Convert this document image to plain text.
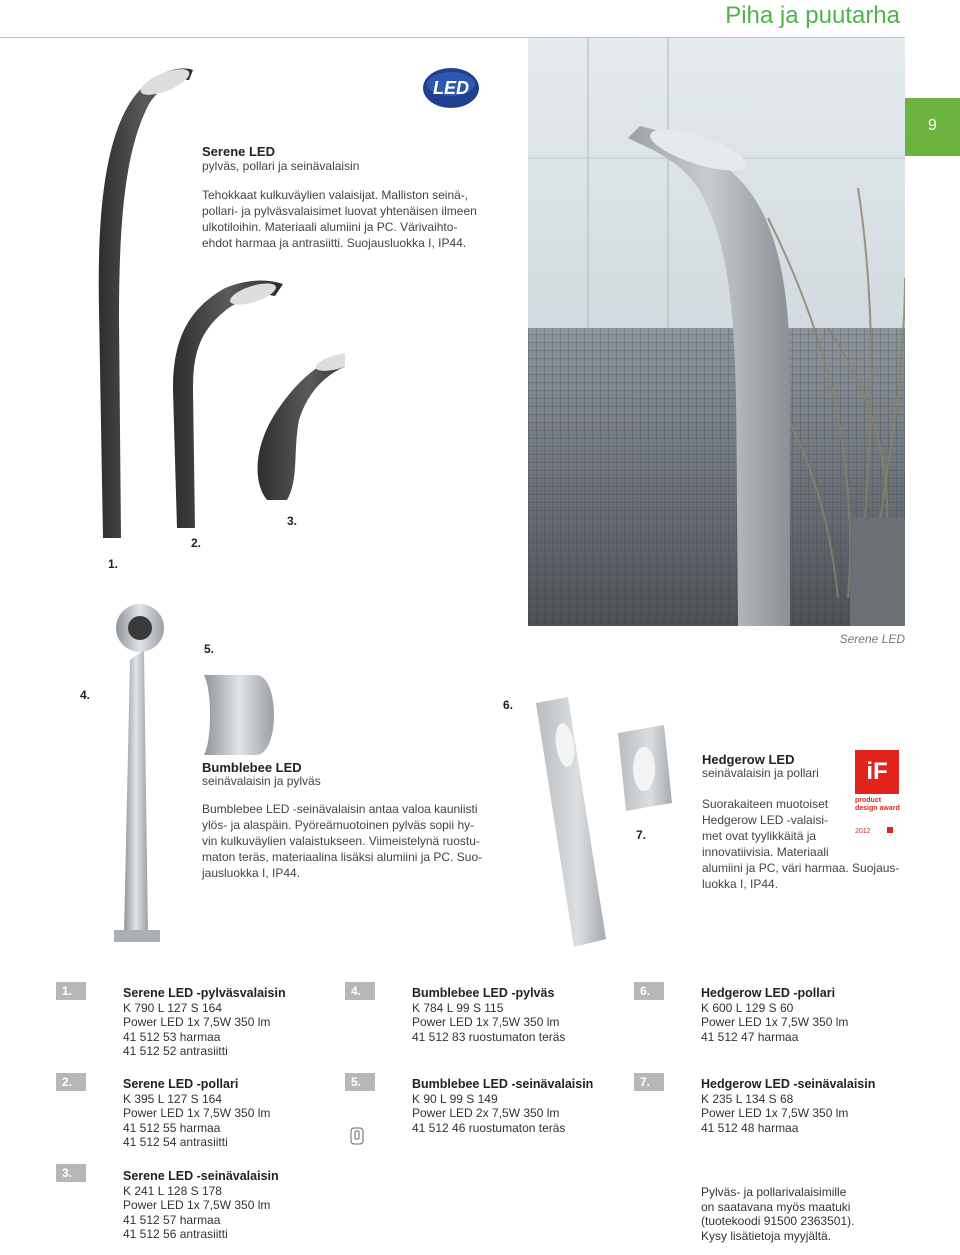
Piha ja puutarha
9
1.
2.
3.
LED
Serene LED
pylväs, pollari ja seinävalaisin
Tehokkaat kulkuväylien valaisijat. Malliston seinä-,
pollari- ja pylväsvalaisimet luovat yhtenäisen ilmeen
ulkotiloihin. Materiaali alumiini ja PC. Värivaihto-
ehdot harmaa ja antrasiitti. Suojausluokka I, IP44.
Serene LED
4.
5.
6.
7.
Bumblebee LED
seinävalaisin ja pylväs
Bumblebee LED -seinävalaisin antaa valoa kauniisti
ylös- ja alaspäin. Pyöreämuotoinen pylväs sopii hy-
vin kulkuväylien valaistukseen. Viimeistelynä ruostu-
maton teräs, materiaalina lisäksi alumiini ja PC. Suo-
jausluokka I, IP44.
Hedgerow LED
seinävalaisin ja pollari
Suorakaiteen muotoiset
Hedgerow LED -valaisi-
met ovat tyylikkäitä ja
innovatiivisia. Materiaali
alumiini ja PC, väri harmaa. Suojaus-
luokka I, IP44.
iF
product
design award
2012
1.	Serene LED -pylväsvalaisin
K 790 L 127 S 164
Power LED 1x 7,5W 350 lm
41 512 53 harmaa
41 512 52 antrasiitti
2.	Serene LED -pollari
K 395 L 127 S 164
Power LED 1x 7,5W 350 lm
41 512 55 harmaa
41 512 54 antrasiitti
3.	Serene LED -seinävalaisin
K 241 L 128 S 178
Power LED 1x 7,5W 350 lm
41 512 57 harmaa
41 512 56 antrasiitti
4.	Bumblebee LED -pylväs
K 784 L 99 S 115
Power LED 1x 7,5W 350 lm
41 512 83 ruostumaton teräs
5.	Bumblebee LED -seinävalaisin
K 90 L 99 S 149
Power LED 2x 7,5W 350 lm
41 512 46 ruostumaton teräs
6.	Hedgerow LED -pollari
K 600 L 129 S 60
Power LED 1x 7,5W 350 lm
41 512 47 harmaa
7.	Hedgerow LED -seinävalaisin
K 235 L 134 S 68
Power LED 1x 7,5W 350 lm
41 512 48 harmaa
Pylväs- ja pollarivalaisimille
on saatavana myös maatuki
(tuotekoodi 91500 2363501).
Kysy lisätietoja myyjältä.
